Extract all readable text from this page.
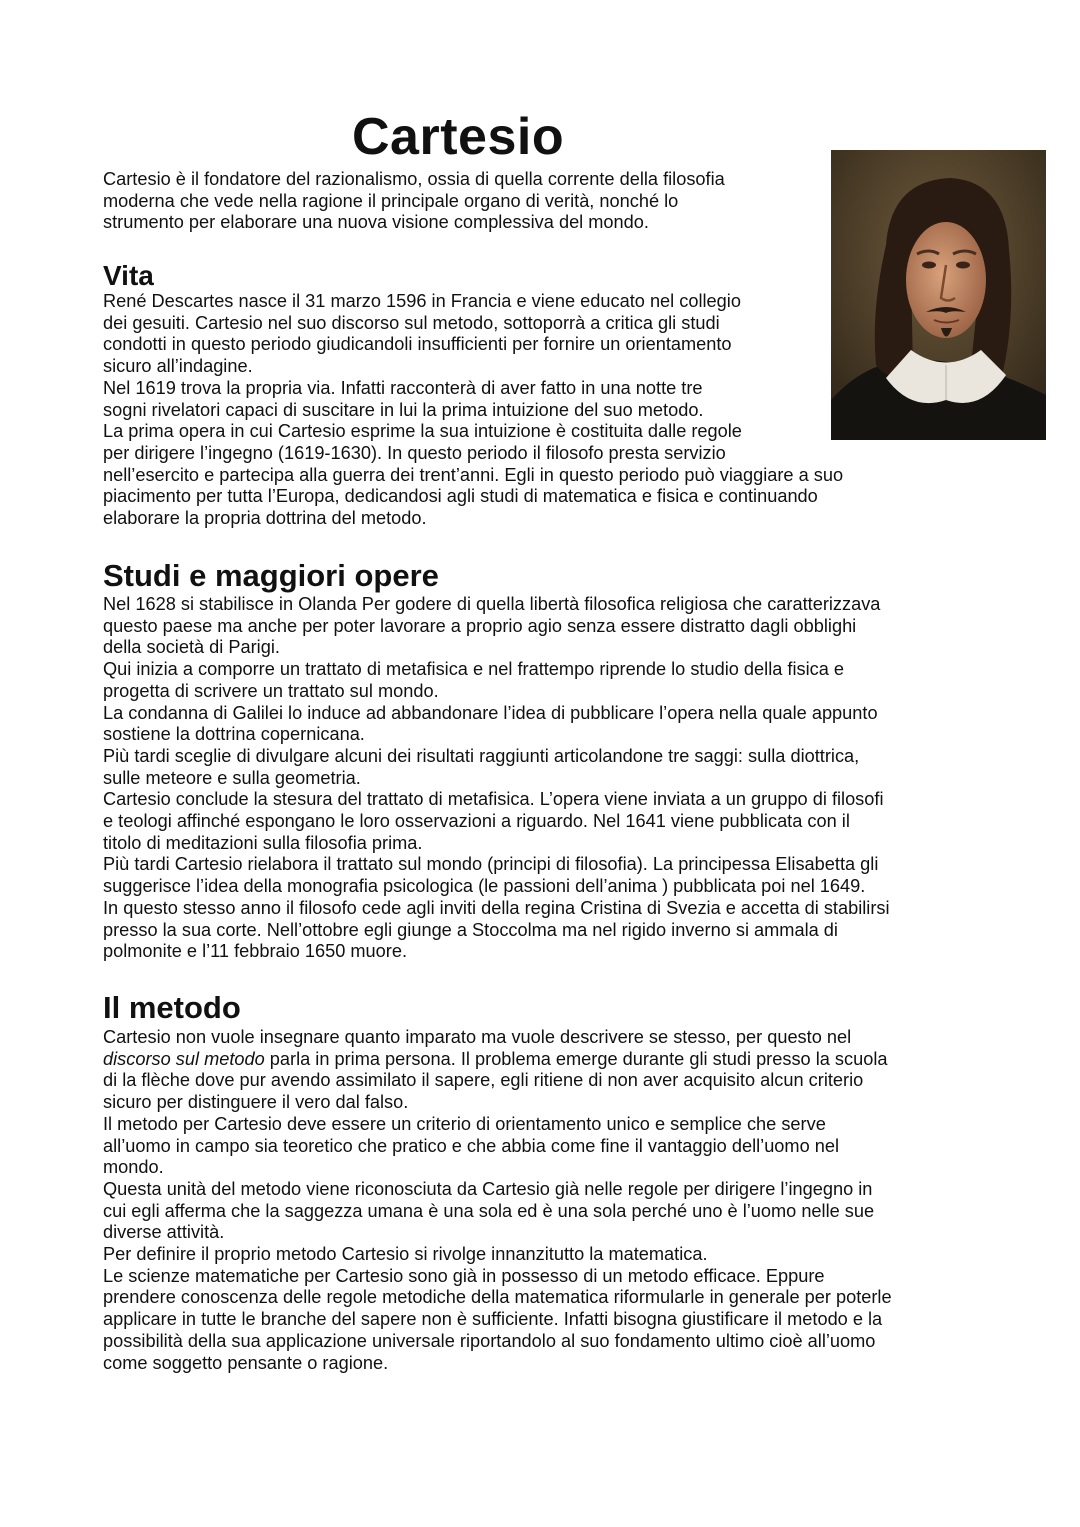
Cartesio

Cartesio è il fondatore del razionalismo, ossia di quella corrente della filosofia

moderna che vede nella ragione il principale organo di verità, nonché lo

strumento per elaborare una nuova visione complessiva del mondo.

Vita

René Descartes nasce il 31 marzo 1596 in Francia e viene educato nel collegio

dei gesuiti. Cartesio nel suo discorso sul metodo, sottoporrà a critica gli studi

condotti in questo periodo giudicandoli insufficienti per fornire un orientamento

sicuro all’indagine.

Nel 1619 trova la propria via. Infatti racconterà di aver fatto in una notte tre

sogni rivelatori capaci di suscitare in lui la prima intuizione del suo metodo.

La prima opera in cui Cartesio esprime la sua intuizione è costituita dalle regole

per dirigere l’ingegno (1619-1630). In questo periodo il filosofo presta servizio

nell’esercito e partecipa alla guerra dei trent’anni. Egli in questo periodo può viaggiare a suo

piacimento per tutta l’Europa, dedicandosi agli studi di matematica e fisica e continuando

elaborare la propria dottrina del metodo.

Studi e maggiori opere

Nel 1628 si stabilisce in Olanda Per godere di quella libertà filosofica religiosa che caratterizzava

questo paese ma anche per poter lavorare a proprio agio senza essere distratto dagli obblighi

della società di Parigi.

Qui inizia a comporre un trattato di metafisica e nel frattempo riprende lo studio della fisica e

progetta di scrivere un trattato sul mondo.

La condanna di Galilei lo induce ad abbandonare l’idea di pubblicare l’opera nella quale appunto

sostiene la dottrina copernicana.

Più tardi sceglie di divulgare alcuni dei risultati raggiunti articolandone tre saggi: sulla diottrica,

sulle meteore e sulla geometria.

Cartesio conclude la stesura del trattato di metafisica. L’opera viene inviata a un gruppo di filosofi

e teologi affinché espongano le loro osservazioni a riguardo. Nel 1641 viene pubblicata con il

titolo di meditazioni sulla filosofia prima.

Più tardi Cartesio rielabora il trattato sul mondo (principi di filosofia). La principessa Elisabetta gli

suggerisce l’idea della monografia psicologica (le passioni dell’anima ) pubblicata poi nel 1649.

In questo stesso anno il filosofo cede agli inviti della regina Cristina di Svezia e accetta di stabilirsi

presso la sua corte. Nell’ottobre egli giunge a Stoccolma ma nel rigido inverno si ammala di

polmonite e l’11 febbraio 1650 muore.

Il metodo

Cartesio non vuole insegnare quanto imparato ma vuole descrivere se stesso, per questo nel

discorso sul metodo parla in prima persona. Il problema emerge durante gli studi presso la scuola

di la flèche dove pur avendo assimilato il sapere, egli ritiene di non aver acquisito alcun criterio

sicuro per distinguere il vero dal falso.

Il metodo per Cartesio deve essere un criterio di orientamento unico e semplice che serve

all’uomo in campo sia teoretico che pratico e che abbia come fine il vantaggio dell’uomo nel

mondo.

Questa unità del metodo viene riconosciuta da Cartesio già nelle regole per dirigere l’ingegno in

cui egli afferma che la saggezza umana è una sola ed è una sola perché uno è l’uomo nelle sue

diverse attività.

Per definire il proprio metodo Cartesio si rivolge innanzitutto la matematica.

Le scienze matematiche per Cartesio sono già in possesso di un metodo efficace. Eppure

prendere conoscenza delle regole metodiche della matematica riformularle in generale per poterle

applicare in tutte le branche del sapere non è sufficiente. Infatti bisogna giustificare il metodo e la

possibilità della sua applicazione universale riportandolo al suo fondamento ultimo cioè all’uomo

come soggetto pensante o ragione.
